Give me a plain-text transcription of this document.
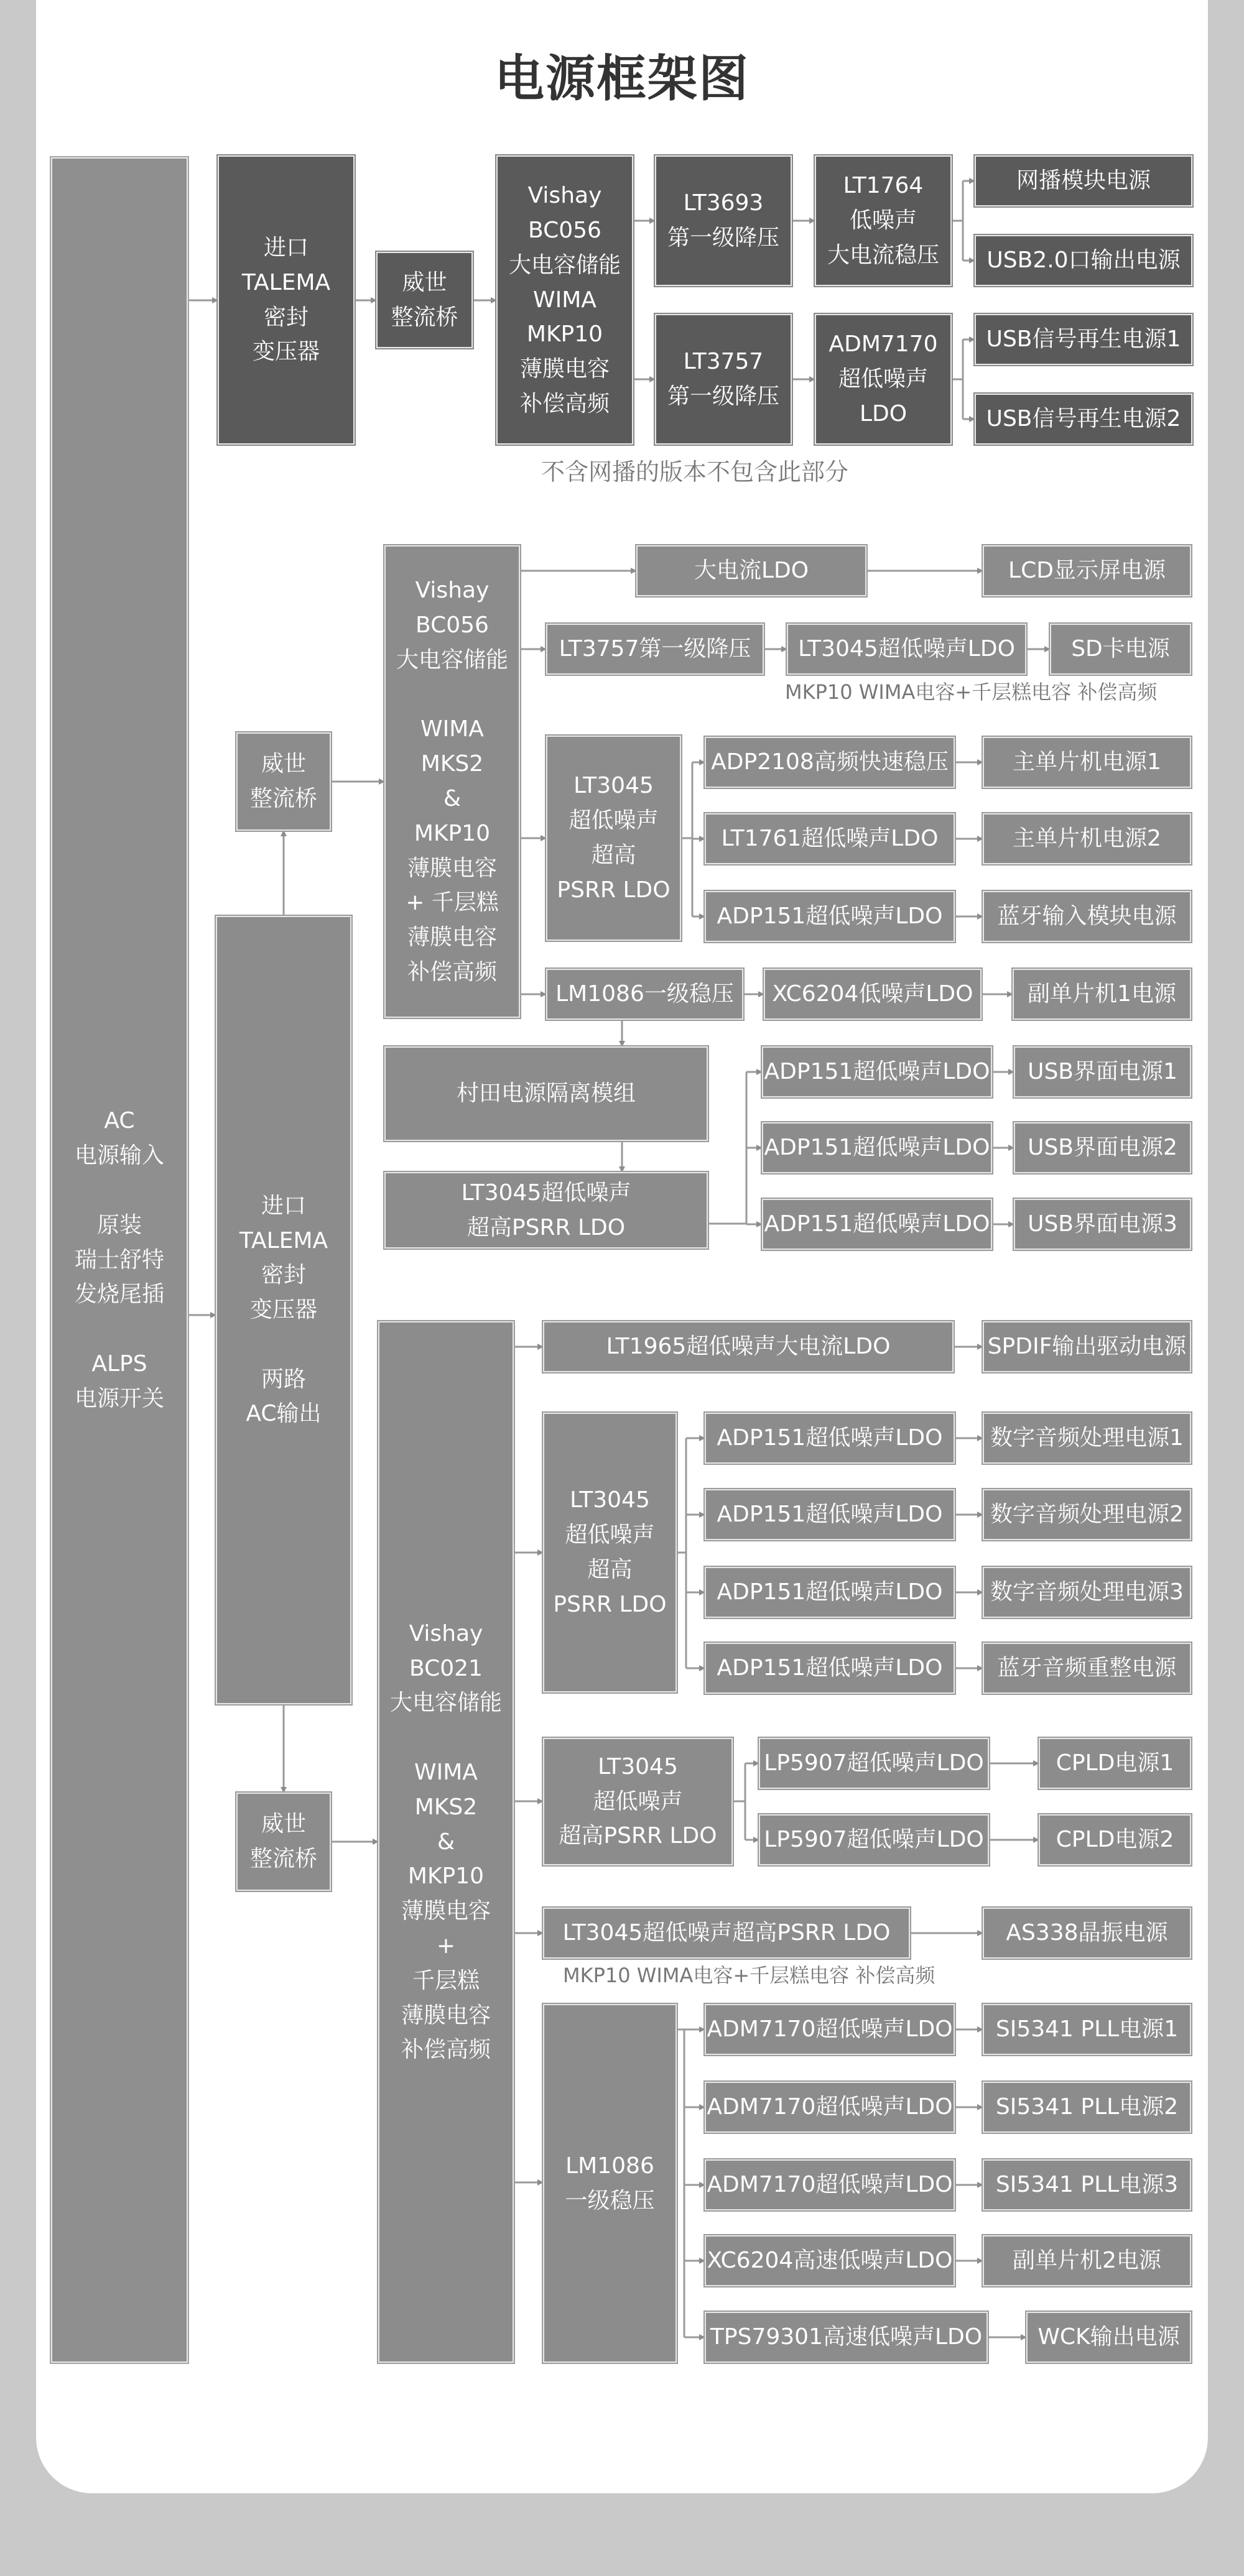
电源框架图
AC
电源输入

原装
瑞士舒特
发烧尾插

ALPS
电源开关
进口
TALEMA
密封
变压器
威世
整流桥
Vishay
BC056
大电容储能
WIMA
MKP10
薄膜电容
补偿高频
LT3693
第一级降压
LT3757
第一级降压
LT1764
低噪声
大电流稳压
ADM7170
超低噪声
LDO
网播模块电源
USB2.0口输出电源
USB信号再生电源1
USB信号再生电源2
不含网播的版本不包含此部分
进口
TALEMA
密封
变压器

两路
AC输出
威世
整流桥
威世
整流桥
Vishay
BC056
大电容储能

WIMA
MKS2
&
MKP10
薄膜电容
+ 千层糕
薄膜电容
补偿高频
大电流LDO	LCD显示屏电源
LT3757第一级降压 LT3045超低噪声LDO	SD卡电源
MKP10 WIMA电容+千层糕电容 补偿高频
LT3045
超低噪声
超高
PSRR LDO
ADP2108高频快速稳压
LT1761超低噪声LDO
ADP151超低噪声LDO
主单片机电源1
主单片机电源2
蓝牙输入模块电源
LM1086一级稳压 XC6204低噪声LDO 副单片机1电源
村田电源隔离模组
LT3045超低噪声
超高PSRR LDO
ADP151超低噪声LDO
ADP151超低噪声LDO
ADP151超低噪声LDO
USB界面电源1
USB界面电源2
USB界面电源3
Vishay
BC021
大电容储能

WIMA
MKS2
&
MKP10
薄膜电容
+
千层糕
薄膜电容
补偿高频
LT1965超低噪声大电流LDO	SPDIF输出驱动电源
LT3045
超低噪声
超高
PSRR LDO
ADP151超低噪声LDO
ADP151超低噪声LDO
ADP151超低噪声LDO
ADP151超低噪声LDO
数字音频处理电源1
数字音频处理电源2
数字音频处理电源3
蓝牙音频重整电源
LT3045
超低噪声
超高PSRR LDO
LP5907超低噪声LDO
LP5907超低噪声LDO
CPLD电源1
CPLD电源2
LT3045超低噪声超高PSRR LDO	AS338晶振电源
MKP10 WIMA电容+千层糕电容 补偿高频
LM1086
一级稳压
ADM7170超低噪声LDO
ADM7170超低噪声LDO
ADM7170超低噪声LDO
XC6204高速低噪声LDO
TPS79301高速低噪声LDO
SI5341 PLL电源1
SI5341 PLL电源2
SI5341 PLL电源3
副单片机2电源
WCK输出电源
